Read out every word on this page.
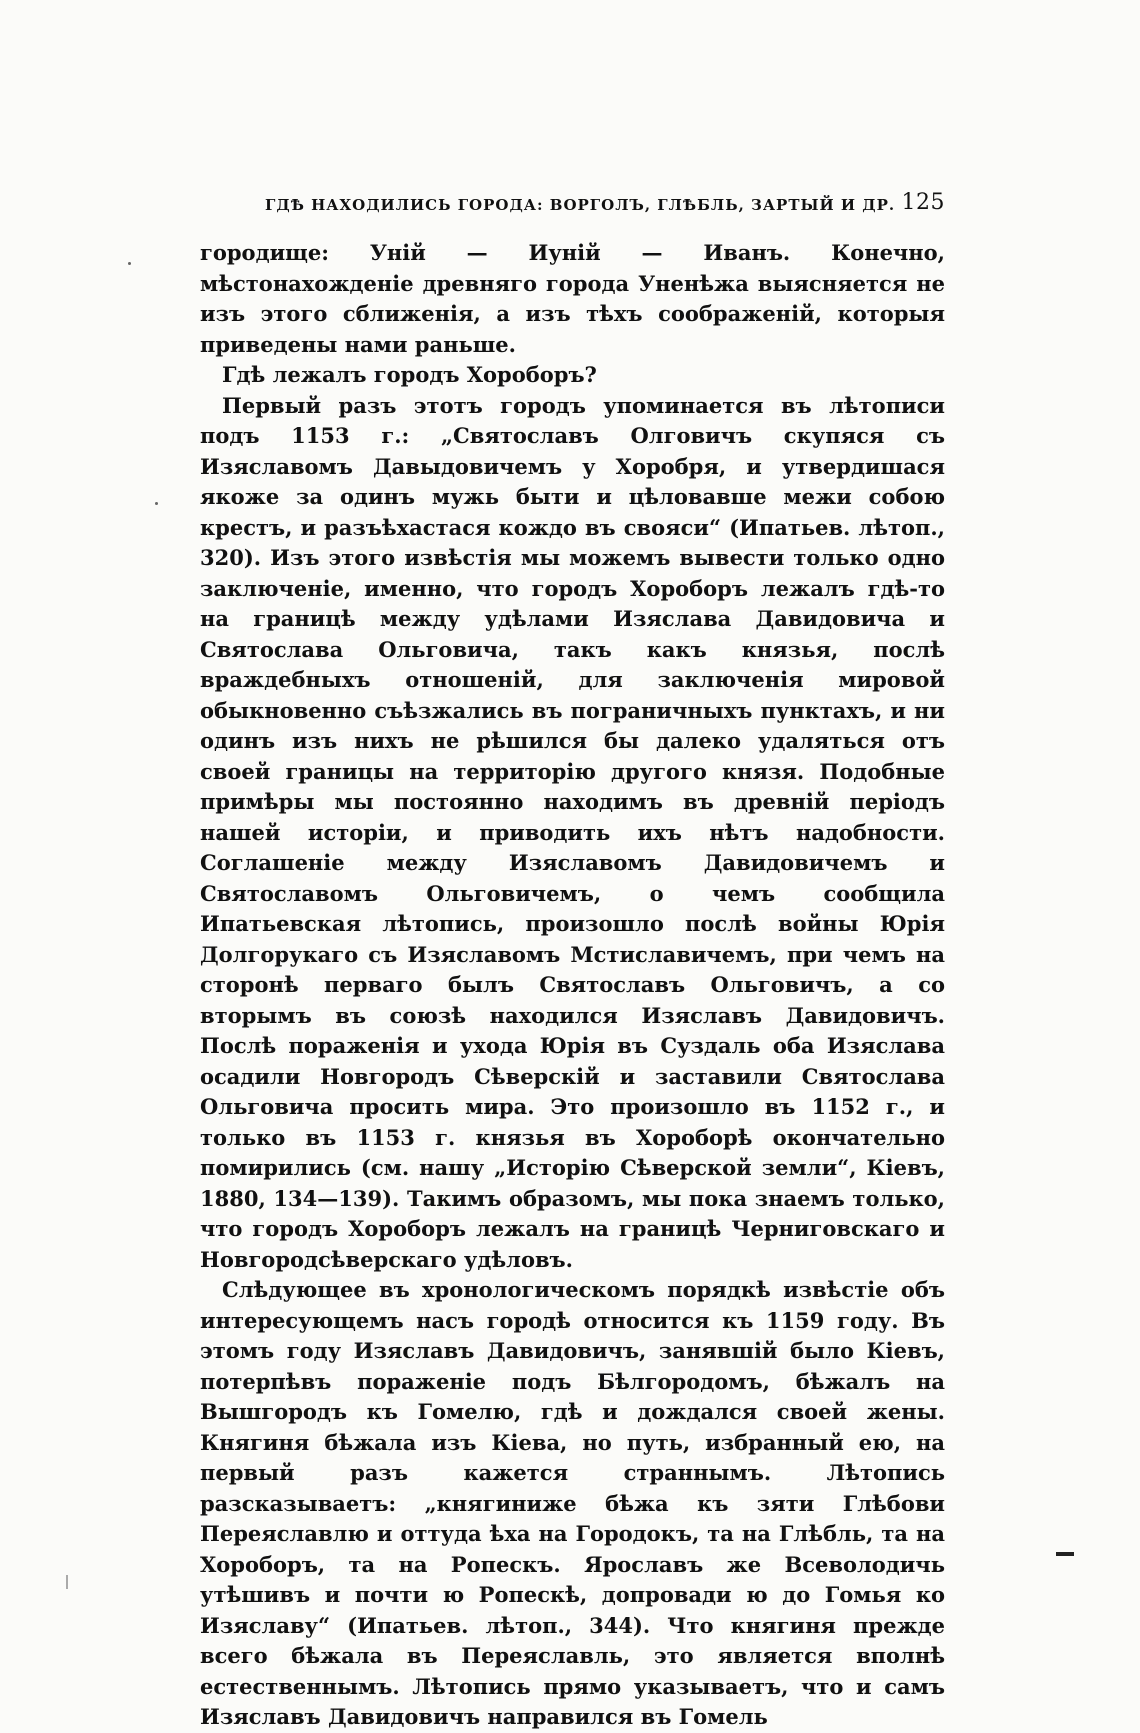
ГДѢ НАХОДИЛИСЬ ГОРОДА: ВОРГОЛЪ, ГЛѢБЛЬ, ЗАРТЫЙ И ДР. 125

городище: Уній — Иуній — Иванъ. Конечно, мѣстонахожденіе древняго города Уненѣжа выясняется не изъ этого сближенія, а изъ тѣхъ соображеній, которыя приведены нами раньше.

Гдѣ лежалъ городъ Хороборъ?

Первый разъ этотъ городъ упоминается въ лѣтописи подъ 1153 г.: „Святославъ Олговичъ скупяся съ Изяславомъ Давыдовичемъ у Хоробря, и утвердишася якоже за одинъ мужь быти и цѣловавше межи собою крестъ, и разъѣхастася кождо въ свояси“ (Ипатьев. лѣтоп., 320). Изъ этого извѣстія мы можемъ вывести только одно заключеніе, именно, что городъ Хороборъ лежалъ гдѣ-то на границѣ между удѣлами Изяслава Давидовича и Святослава Ольговича, такъ какъ князья, послѣ враждебныхъ отношеній, для заключенія мировой обыкновенно съѣзжались въ пограничныхъ пунктахъ, и ни одинъ изъ нихъ не рѣшился бы далеко удаляться отъ своей границы на территорію другого князя. Подобные примѣры мы постоянно находимъ въ древній періодъ нашей исторіи, и приводить ихъ нѣтъ надобности. Соглашеніе между Изяславомъ Давидовичемъ и Святославомъ Ольговичемъ, о чемъ сообщила Ипатьевская лѣтопись, произошло послѣ войны Юрія Долгорукаго съ Изяславомъ Мстиславичемъ, при чемъ на сторонѣ перваго былъ Святославъ Ольговичъ, а со вторымъ въ союзѣ находился Изяславъ Давидовичъ. Послѣ пораженія и ухода Юрія въ Суздаль оба Изяслава осадили Новгородъ Сѣверскій и заставили Святослава Ольговича просить мира. Это произошло въ 1152 г., и только въ 1153 г. князья въ Хороборѣ окончательно помирились (см. нашу „Исторію Сѣверской земли“, Кіевъ, 1880, 134—139). Такимъ образомъ, мы пока знаемъ только, что городъ Хороборъ лежалъ на границѣ Черниговскаго и Новгородсѣверскаго удѣловъ.

Слѣдующее въ хронологическомъ порядкѣ извѣстіе объ интересующемъ насъ городѣ относится къ 1159 году. Въ этомъ году Изяславъ Давидовичъ, занявшій было Кіевъ, потерпѣвъ пораженіе подъ Бѣлгородомъ, бѣжалъ на Вышгородъ къ Гомелю, гдѣ и дождался своей жены. Княгиня бѣжала изъ Кіева, но путь, избранный ею, на первый разъ кажется страннымъ. Лѣтопись разсказываетъ: „княгиниже бѣжа къ зяти Глѣбови Переяславлю и оттуда ѣха на Городокъ, та на Глѣбль, та на Хороборъ, та на Ропескъ. Ярославъ же Всеволодичь утѣшивъ и почти ю Ропескѣ, допровади ю до Гомья ко Изяславу“ (Ипатьев. лѣтоп., 344). Что княгиня прежде всего бѣжала въ Переяславль, это является вполнѣ естественнымъ. Лѣтопись прямо указываетъ, что и самъ Изяславъ Давидовичъ направился въ Гомель
